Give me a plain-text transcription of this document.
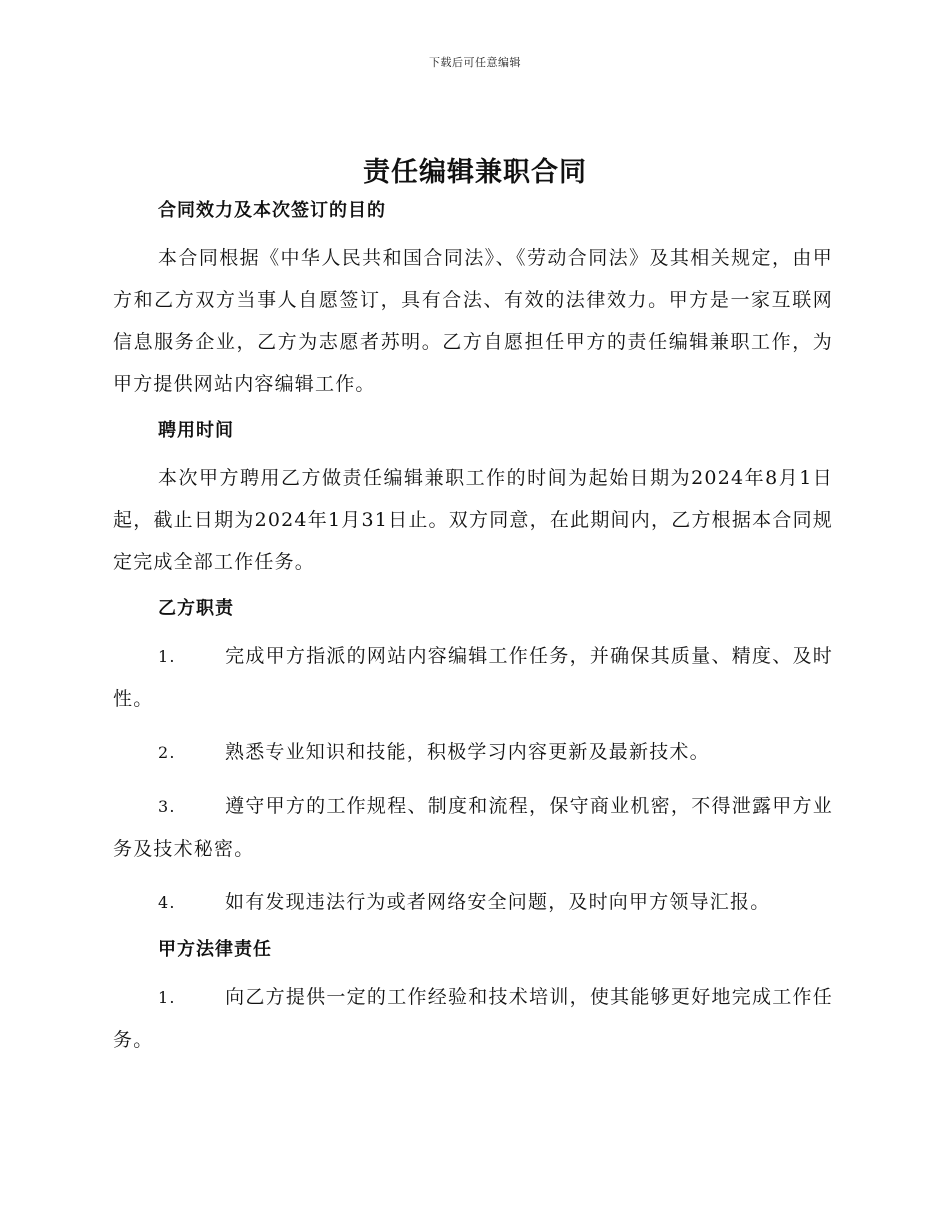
下载后可任意编辑
责任编辑兼职合同
合同效力及本次签订的目的

本合同根据《中华人民共和国合同法》、《劳动合同法》及其相关规定，由甲方和乙方双方当事人自愿签订，具有合法、有效的法律效力。甲方是一家互联网信息服务企业，乙方为志愿者苏明。乙方自愿担任甲方的责任编辑兼职工作，为甲方提供网站内容编辑工作。

聘用时间

本次甲方聘用乙方做责任编辑兼职工作的时间为起始日期为2024年8月1日起，截止日期为2024年1月31日止。双方同意，在此期间内，乙方根据本合同规定完成全部工作任务。

乙方职责

1.	完成甲方指派的网站内容编辑工作任务，并确保其质量、精度、及时性。

2.	熟悉专业知识和技能，积极学习内容更新及最新技术。

3.	遵守甲方的工作规程、制度和流程，保守商业机密，不得泄露甲方业务及技术秘密。

4.	如有发现违法行为或者网络安全问题，及时向甲方领导汇报。

甲方法律责任

1.	向乙方提供一定的工作经验和技术培训，使其能够更好地完成工作任务。
